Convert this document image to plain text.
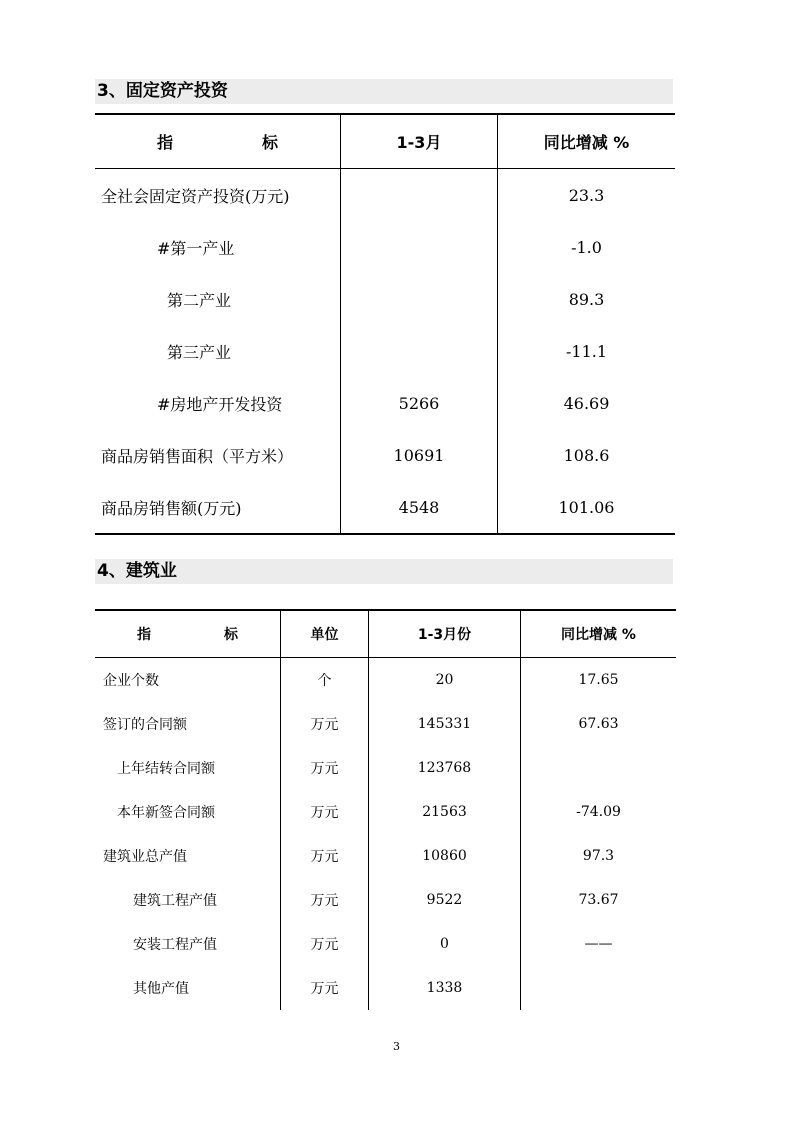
3、固定资产投资
指 标	1-3月	同比增减 %
全社会固定资产投资(万元)		23.3
#第一产业		-1.0
第二产业		89.3
第三产业		-11.1
#房地产开发投资	5266	46.69
商品房销售面积（平方米）	10691	108.6
商品房销售额(万元)	4548	101.06
4、建筑业
指 标	单位	1-3月份	同比增减 %
企业个数	个	20	17.65
签订的合同额	万元	145331	67.63
上年结转合同额	万元	123768	
本年新签合同额	万元	21563	-74.09
建筑业总产值	万元	10860	97.3
建筑工程产值	万元	9522	73.67
安装工程产值	万元	0	——
其他产值	万元	1338	
3
